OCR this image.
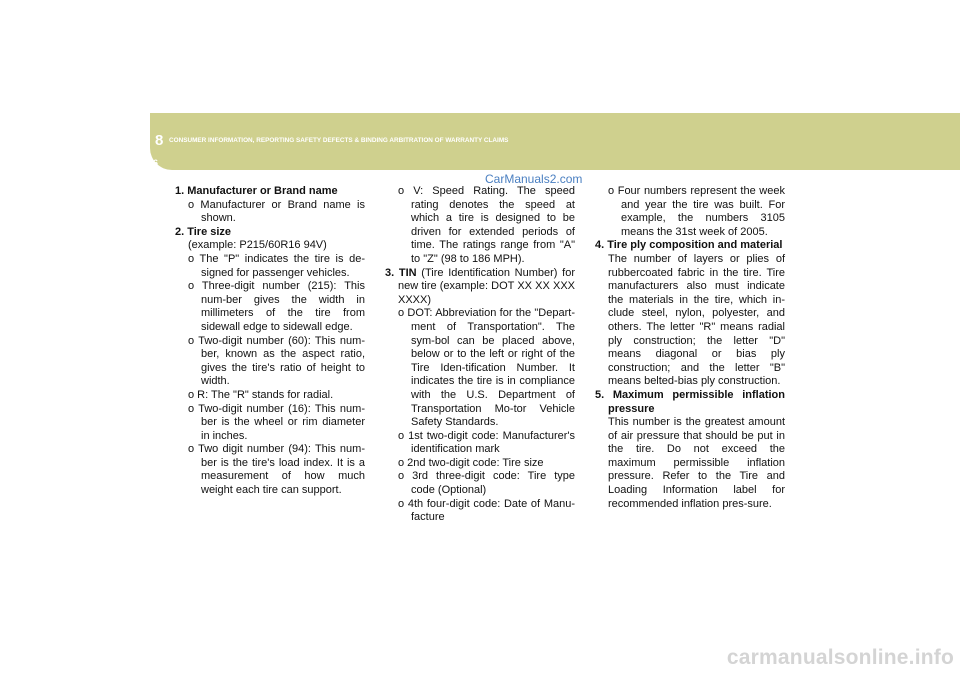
8 CONSUMER INFORMATION, REPORTING SAFETY DEFECTS & BINDING ARBITRATION OF WARRANTY CLAIMS
6
CarManuals2.com
carmanualsonline.info

1. Manufacturer or Brand name

o Manufacturer or Brand name is shown.

2. Tire size

(example: P215/60R16 94V)

o The "P" indicates the tire is de-signed for passenger vehicles.

o Three-digit number (215): This num-ber gives the width in millimeters of the tire from sidewall edge to sidewall edge.

o Two-digit number (60): This num-ber, known as the aspect ratio, gives the tire's ratio of height to width.

o R: The "R" stands for radial.

o Two-digit number (16): This num-ber is the wheel or rim diameter in inches.

o Two digit number (94): This num-ber is the tire's load index. It is a measurement of how much weight each tire can support.

o V: Speed Rating. The speed rating denotes the speed at which a tire is designed to be driven for extended periods of time. The ratings range from "A" to "Z" (98 to 186 MPH).

3. TIN (Tire Identification Number) for new tire (example: DOT XX XX XXX XXXX)

o DOT: Abbreviation for the "Depart-ment of Transportation". The sym-bol can be placed above, below or to the left or right of the Tire Iden-tification Number. It indicates the tire is in compliance with the U.S. Department of Transportation Mo-tor Vehicle Safety Standards.

o 1st two-digit code: Manufacturer's identification mark

o 2nd two-digit code: Tire size

o 3rd three-digit code: Tire type code (Optional)

o 4th four-digit code: Date of Manu-facture

o Four numbers represent the week and year the tire was built. For example, the numbers 3105 means the 31st week of 2005.

4. Tire ply composition and material

The number of layers or plies of rubbercoated fabric in the tire. Tire manufacturers also must indicate the materials in the tire, which in-clude steel, nylon, polyester, and others. The letter "R" means radial ply construction; the letter "D" means diagonal or bias ply construction; and the letter "B" means belted-bias ply construction.

5. Maximum permissible inflation pressure

This number is the greatest amount of air pressure that should be put in the tire. Do not exceed the maximum permissible inflation pressure. Refer to the Tire and Loading Information label for recommended inflation pres-sure.
